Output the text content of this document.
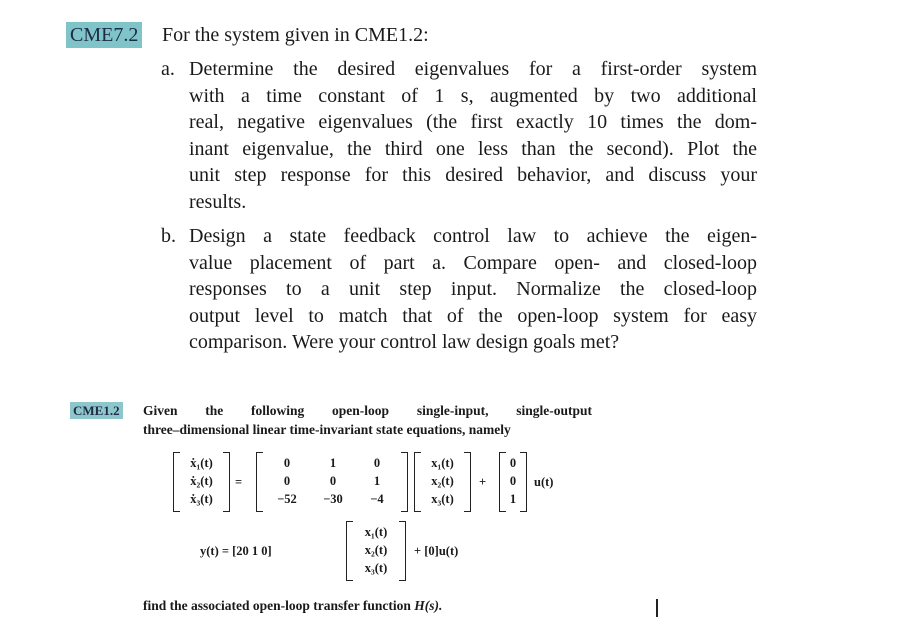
CME7.2 For the system given in CME1.2:
a. Determine the desired eigenvalues for a first-order system
with a time constant of 1 s, augmented by two additional
real, negative eigenvalues (the first exactly 10 times the dom-
inant eigenvalue, the third one less than the second). Plot the
unit step response for this desired behavior, and discuss your
results.
b. Design a state feedback control law to achieve the eigen-
value placement of part a. Compare open- and closed-loop
responses to a unit step input. Normalize the closed-loop
output level to match that of the open-loop system for easy
comparison. Were your control law design goals met?
CME1.2 Given the following open-loop single-input, single-output
three–dimensional linear time-invariant state equations, namely
ẋ₁(t)
ẋ₂(t)
ẋ₃(t)
=
0	1	0
0	0	1
−52	−30	−4
x₁(t)
x₂(t)
x₃(t)
+
0
0
1
u(t)
y(t) = [20 1 0]
x₁(t)
x₂(t)
x₃(t)
+ [0]u(t)
find the associated open-loop transfer function H(s).
